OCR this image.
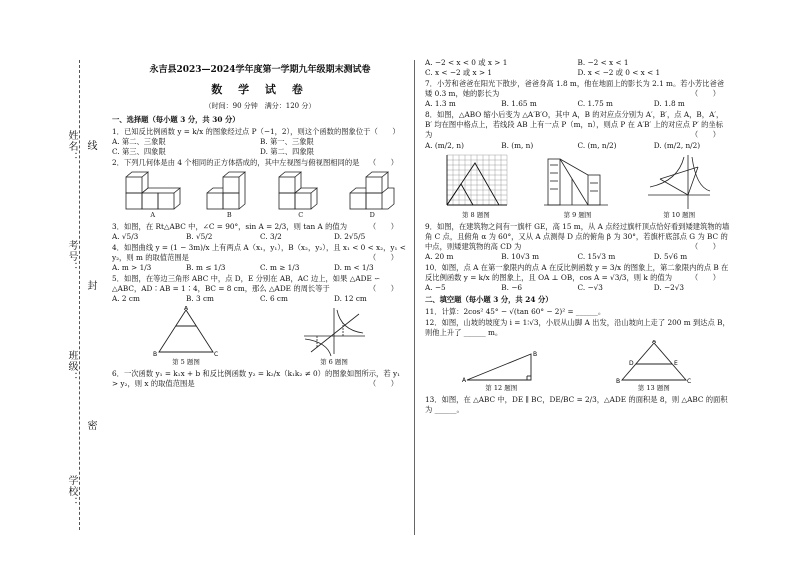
姓名： 线
考号：
封
班级：
密
学校：
永吉县2023—2024学年度第一学期九年级期末测试卷
数 学 试 卷
（时间：90 分钟　满分：120 分）
一、选择题（每小题 3 分，共 30 分）
1．已知反比例函数 y = k/x 的图象经过点 P（−1，2），则这个函数的图象位于（　　）
A. 第二、三象限	B. 第一、三象限
C. 第三、四象限	D. 第二、四象限
2．下列几何体是由 4 个相同的正方体搭成的，其中左视图与俯视图相同的是 （　　）
A	B	C	D
3．如图，在 Rt△ABC 中，∠C = 90°，sin A = 2/3，则 tan A 的值为	（　　）
A. √5/3	B. √5/2	C. 3/2	D. 2√5/5
4．如图曲线 y = (1 − 3m)/x 上有两点 A（x₁，y₁），B（x₂，y₂），且 x₁ < 0 < x₂，y₁ < y₂，则 m 的取值范围是	（　　）
A. m > 1/3	B. m ≤ 1/3	C. m ≥ 1/3	D. m < 1/3
5．如图，在等边三角形 ABC 中，点 D，E 分别在 AB，AC 边上，如果 △ADE ∽ △ABC，AD∶AB = 1∶4，BC = 8 cm，那么 △ADE 的周长等于	（　　）
A. 2 cm	B. 3 cm	C. 6 cm	D. 12 cm
A
B	C
第 5 题图	第 6 题图
6．一次函数 y₁ = k₁x + b 和反比例函数 y₂ = k₂/x（k₁k₂ ≠ 0）的图象如图所示，若 y₁ > y₂，则 x 的取值范围是	（　　）
A. −2 < x < 0 或 x > 1	B. −2 < x < 1
C. x < −2 或 x > 1	D. x < −2 或 0 < x < 1
7．小芳和爸爸在阳光下散步，爸爸身高 1.8 m，他在地面上的影长为 2.1 m。若小芳比爸爸矮 0.3 m，她的影长为	（　　）
A. 1.3 m	B. 1.65 m	C. 1.75 m	D. 1.8 m
8．如图，△ABO 缩小后变为 △A′B′O，其中 A，B 的对应点分别为 A′，B′，点 A，B，A′，B′ 均在图中格点上，若线段 AB 上有一点 P（m，n），则点 P 在 A′B′ 上的对应点 P′ 的坐标为	（　　）
A. (m/2, n)	B. (m, n)	C. (m, n/2)	D. (m/2, n/2)
第 8 题图	第 9 题图	第 10 题图
9．如图，在建筑物之间有一旗杆 GE，高 15 m，从 A 点经过旗杆顶点恰好看到矮建筑物的墙角 C 点，且俯角 α 为 60°，又从 A 点测得 D 点的俯角 β 为 30°，若旗杆底部点 G 为 BC 的中点，则矮建筑物的高 CD 为	（　　）
A. 20 m	B. 10√3 m	C. 15√3 m	D. 5√6 m
10．如图，点 A 在第一象限内的点 A 在反比例函数 y = 3/x 的图象上，第二象限内的点 B 在反比例函数 y = k/x 的图象上，且 OA ⊥ OB，cos A = √3/3，则 k 的值为	（　　）
A. −5	B. −6	C. −√3	D. −2√3
二、填空题（每小题 3 分，共 24 分）
11．计算：2cos² 45° − √(tan 60° − 2)² = ______。
12．如图，山坡的坡度为 i = 1∶√3，小辰从山脚 A 出发，沿山坡向上走了 200 m 到达点 B，则他上升了 ______ m。
A
B
第 12 题图
A
B	C
D	E
第 13 题图
13．如图，在 △ABC 中，DE ∥ BC，DE/BC = 2/3，△ADE 的面积是 8，则 △ABC 的面积为 ______。
